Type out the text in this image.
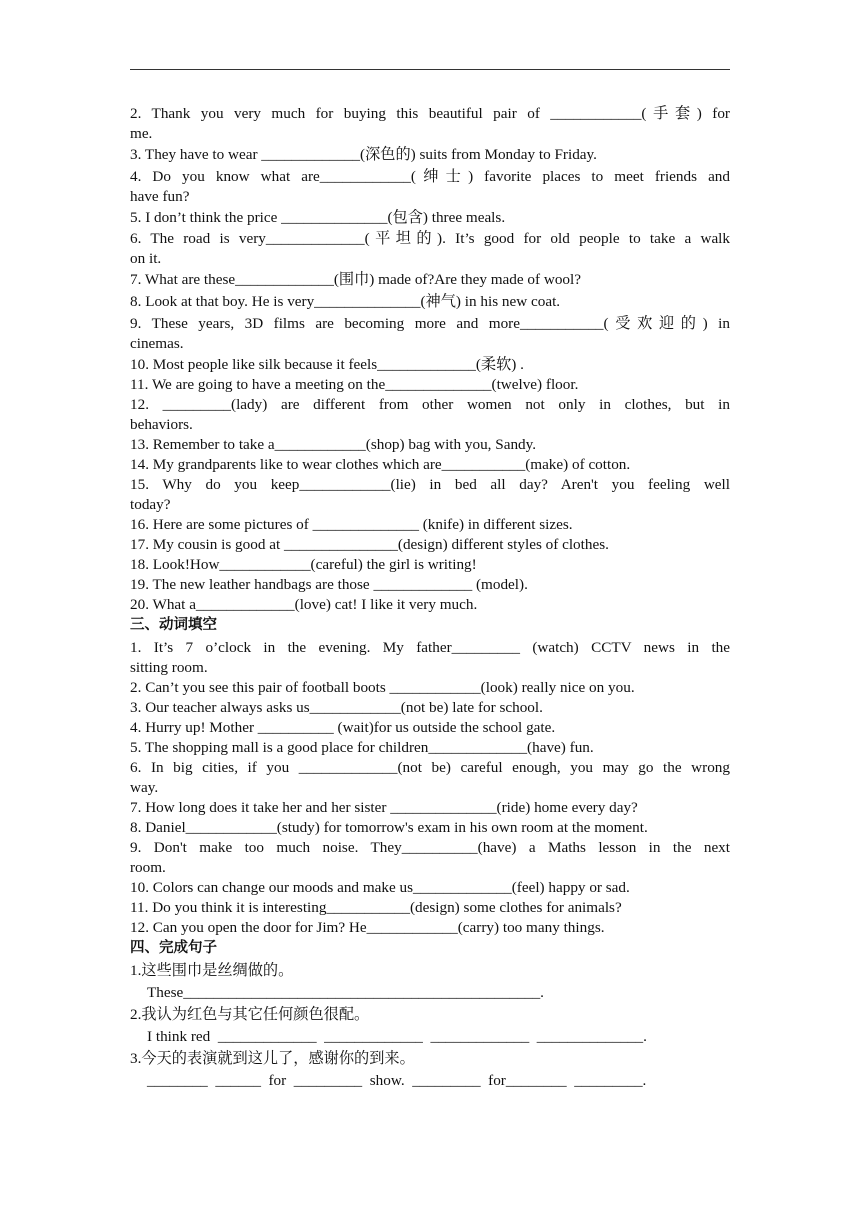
2. Thank you very much for buying this beautiful pair of ____________(手套) for
me.
3. They have to wear _____________(深色的) suits from Monday to Friday.
4. Do you know what are____________(绅士) favorite places to meet friends and
have fun?
5. I don’t think the price ______________(包含) three meals.
6. The road is very_____________(平坦的). It’s good for old people to take a walk
on it.
7. What are these_____________(围巾) made of?Are they made of wool?
8. Look at that boy. He is very______________(神气) in his new coat.
9. These years, 3D films are becoming more and more___________(受欢迎的) in
cinemas.
10. Most people like silk because it feels_____________(柔软) .
11. We are going to have a meeting on the______________(twelve) floor.
12. _________(lady) are different from other women not only in clothes, but in
behaviors.
13. Remember to take a____________(shop) bag with you, Sandy.
14. My grandparents like to wear clothes which are___________(make) of cotton.
15. Why do you keep____________(lie) in bed all day? Aren't you feeling well
today?
16. Here are some pictures of ______________ (knife) in different sizes.
17. My cousin is good at _______________(design) different styles of clothes.
18. Look!How____________(careful) the girl is writing!
19. The new leather handbags are those _____________ (model).
20. What a_____________(love) cat! I like it very much.
三、动词填空
1. It’s 7 o’clock in the evening. My father_________ (watch) CCTV news in the
sitting room.
2. Can’t you see this pair of football boots ____________(look) really nice on you.
3. Our teacher always asks us____________(not be) late for school.
4. Hurry up! Mother __________ (wait)for us outside the school gate.
5. The shopping mall is a good place for children_____________(have) fun.
6. In big cities, if you _____________(not be) careful enough, you may go the wrong
way.
7. How long does it take her and her sister ______________(ride) home every day?
8. Daniel____________(study) for tomorrow's exam in his own room at the moment.
9. Don't make too much noise. They__________(have) a Maths lesson in the next
room.
10. Colors can change our moods and make us_____________(feel) happy or sad.
11. Do you think it is interesting___________(design) some clothes for animals?
12. Can you open the door for Jim? He____________(carry) too many things.
四、完成句子
1.这些围巾是丝绸做的。
These_______________________________________________.
2.我认为红色与其它任何颜色很配。
I think red  _____________  _____________  _____________  ______________.
3.今天的表演就到这儿了，感谢你的到来。
________  ______  for  _________  show.  _________  for________  _________.
